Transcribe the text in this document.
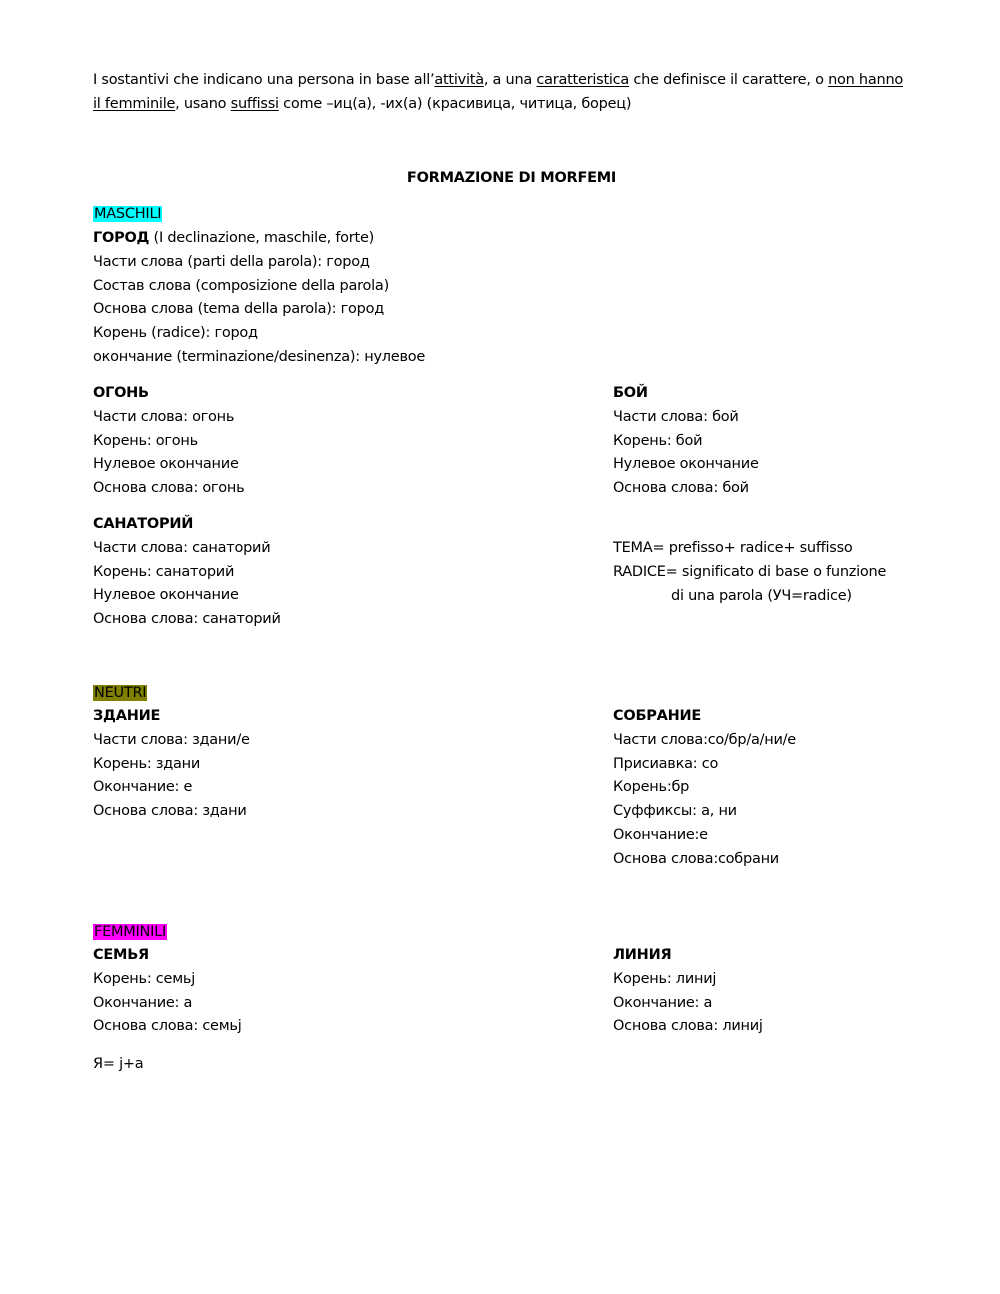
I sostantivi che indicano una persona in base all’attività, a una caratteristica che definisce il carattere, o non hanno
il femminile, usano suffissi come –иц(а), -их(а) (красивица, читица, борец)
FORMAZIONE DI MORFEMI
MASCHILI
ГОРОД (I declinazione, maschile, forte)
Части слова (parti della parola): город
Состав слова (composizione della parola)
Основа слова (tema della parola): город
Корень (radice): город
окончание (terminazione/desinenza): нулевое
ОГОНЬ
Части слова: огонь
Корень: огонь
Нулевое окончание
Основа слова: огонь
БОЙ
Части слова: бой
Корень: бой
Нулевое окончание
Основа слова: бой
САНАТОРИЙ
Части слова: санаторий
Корень: санаторий
Нулевое окончание
Основа слова: санаторий
TEMA= prefisso+ radice+ suffisso
RADICE= significato di base o funzione
di una parola (УЧ=radice)
NEUTRI
ЗДАНИЕ
Части слова: здани/е
Корень: здани
Окончание: е
Основа слова: здани
СОБРАНИЕ
Части слова:со/бр/а/ни/е
Присиавка: со
Корень:бр
Суффиксы: а, ни
Окончание:е
Основа слова:собрани
FEMMINILI
СЕМЬЯ
Корень: семьј
Окончание: а
Основа слова: семьј
ЛИНИЯ
Корень: линиј
Окончание: а
Основа слова: линиј
Я= j+a
